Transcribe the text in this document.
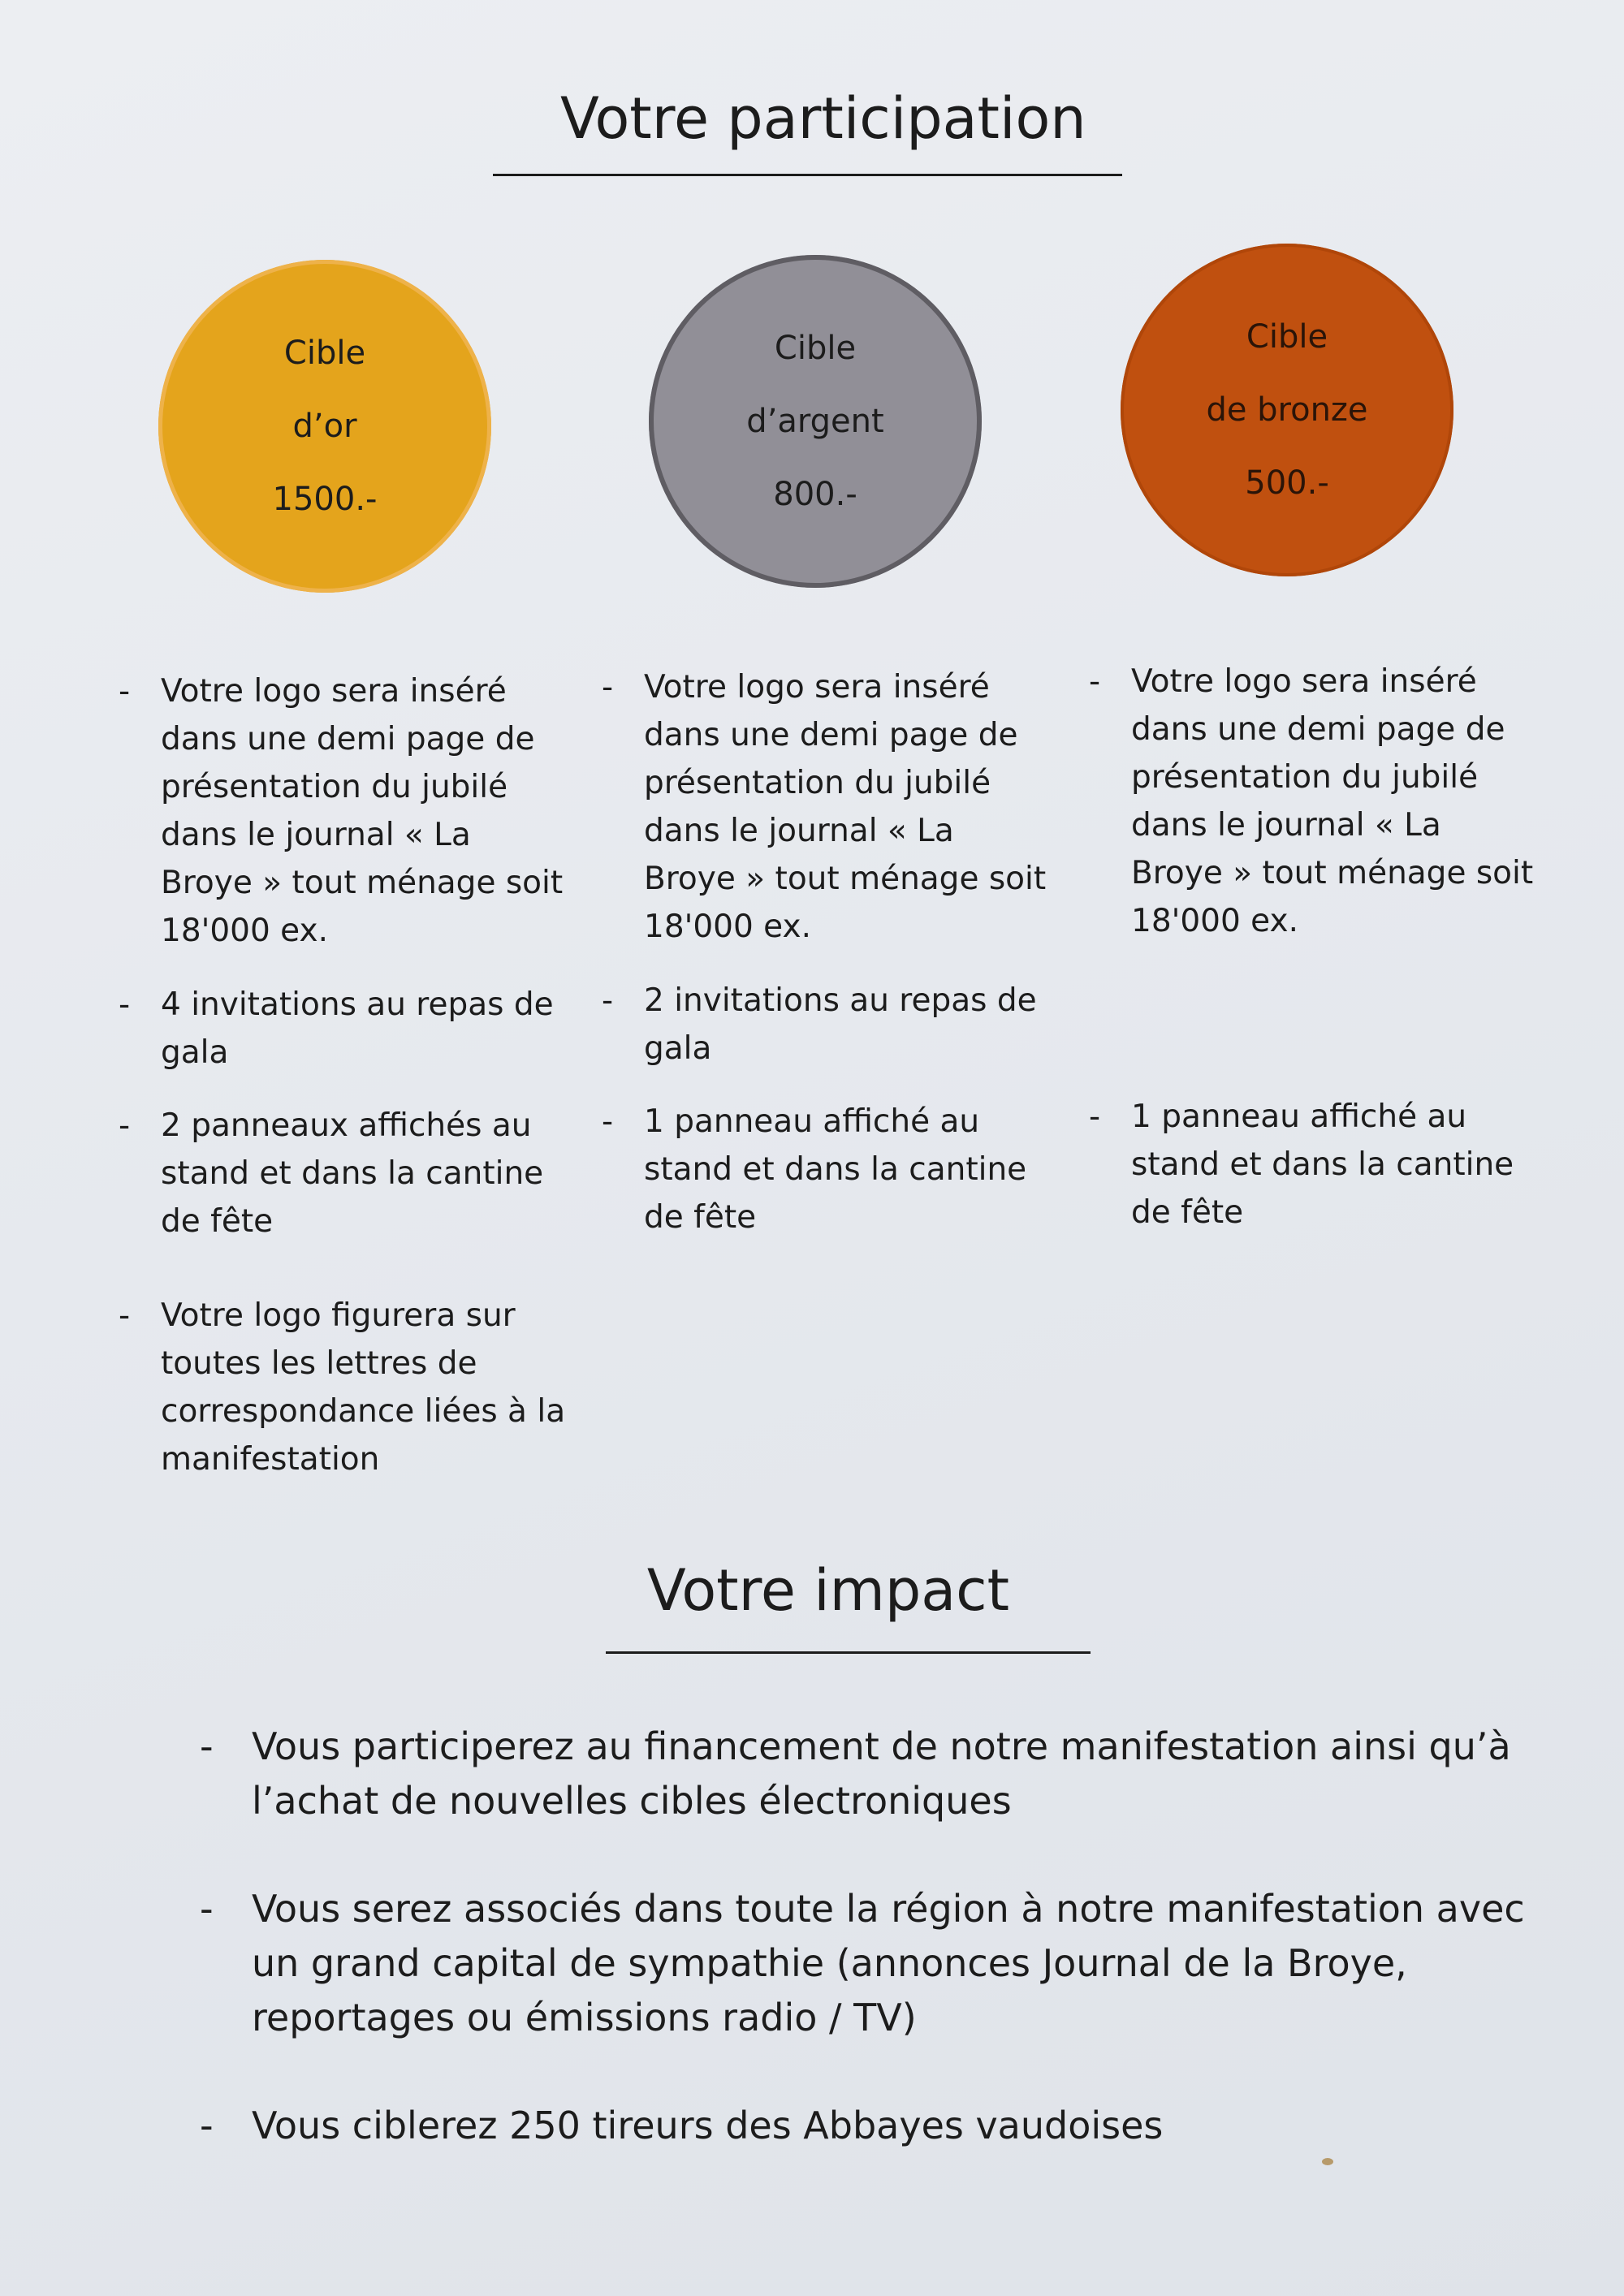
Votre participation
Cible
d’or
1500.-
Cible
d’argent
800.-
Cible
de bronze
500.-
- Votre logo sera inséré dans une demi page de présentation du jubilé dans le journal « La Broye » tout ménage soit 18'000 ex.
- 4 invitations au repas de gala
- 2 panneaux affichés au stand et dans la cantine de fête
- Votre logo figurera sur toutes les lettres de correspondance liées à la manifestation
- Votre logo sera inséré dans une demi page de présentation du jubilé dans le journal « La Broye » tout ménage soit 18'000 ex.
- 2 invitations au repas de gala
- 1 panneau affiché au stand et dans la cantine de fête
- Votre logo sera inséré dans une demi page de présentation du jubilé dans le journal « La Broye » tout ménage soit 18'000 ex.
- 1 panneau affiché au stand et dans la cantine de fête
Votre impact
- Vous participerez au financement de notre manifestation ainsi qu’à l’achat de nouvelles cibles électroniques
- Vous serez associés dans toute la région à notre manifestation avec un grand capital de sympathie (annonces Journal de la Broye, reportages ou émissions radio / TV)
- Vous ciblerez 250 tireurs des Abbayes vaudoises
